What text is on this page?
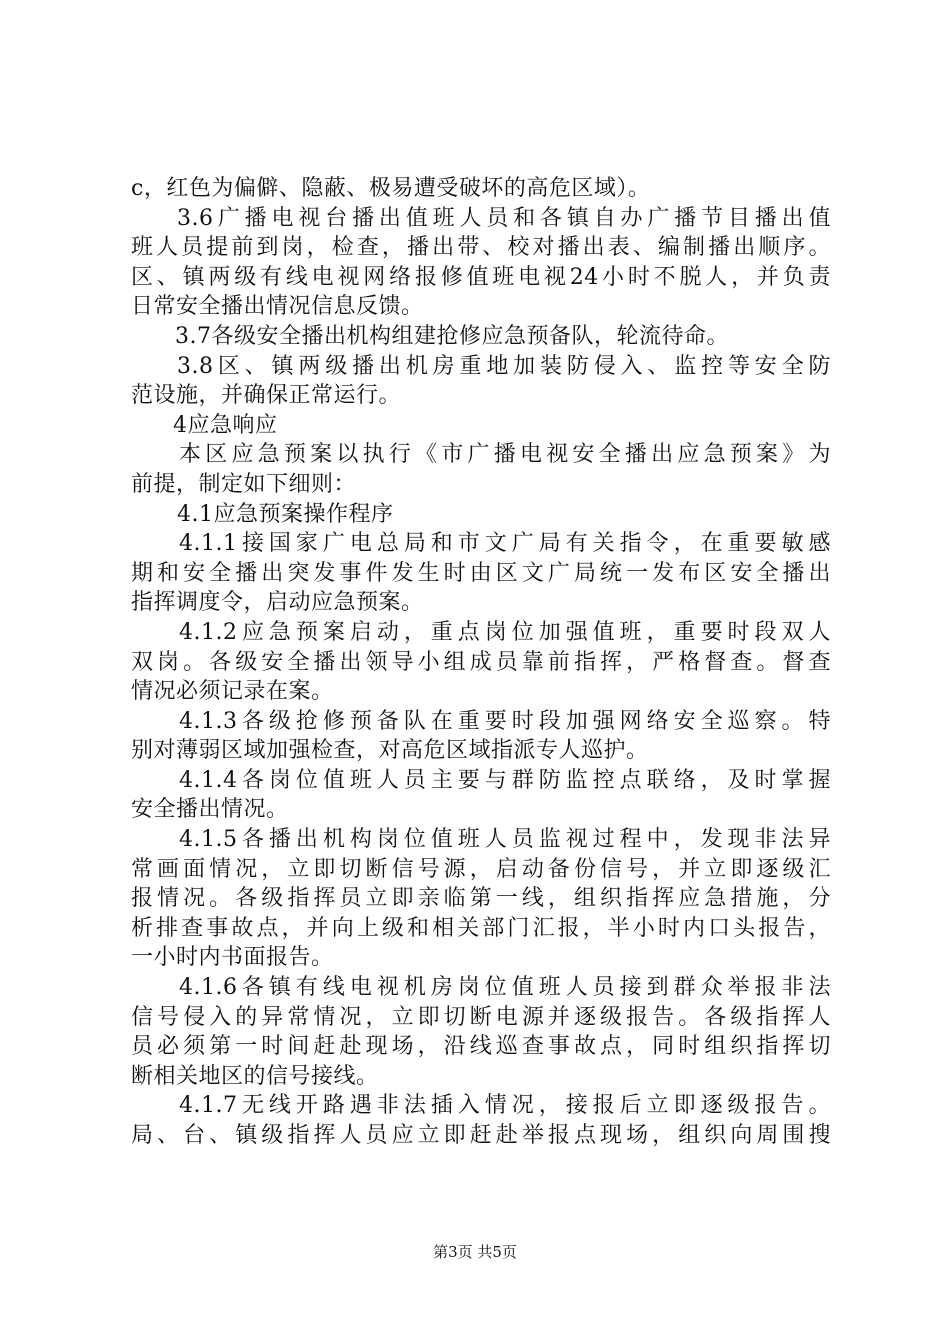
c，红色为偏僻、隐蔽、极易遭受破坏的高危区域）。
3.6广播电视台播出值班人员和各镇自办广播节目播出值
班人员提前到岗，检查，播出带、校对播出表、编制播出顺序。
区、镇两级有线电视网络报修值班电视24小时不脱人，并负责
日常安全播出情况信息反馈。
3.7各级安全播出机构组建抢修应急预备队，轮流待命。
3.8区、镇两级播出机房重地加装防侵入、监控等安全防
范设施，并确保正常运行。
4应急响应
本区应急预案以执行《市广播电视安全播出应急预案》为
前提，制定如下细则：
4.1应急预案操作程序
4.1.1接国家广电总局和市文广局有关指令，在重要敏感
期和安全播出突发事件发生时由区文广局统一发布区安全播出
指挥调度令，启动应急预案。
4.1.2应急预案启动，重点岗位加强值班，重要时段双人
双岗。各级安全播出领导小组成员靠前指挥，严格督查。督查
情况必须记录在案。
4.1.3各级抢修预备队在重要时段加强网络安全巡察。特
别对薄弱区域加强检查，对高危区域指派专人巡护。
4.1.4各岗位值班人员主要与群防监控点联络，及时掌握
安全播出情况。
4.1.5各播出机构岗位值班人员监视过程中，发现非法异
常画面情况，立即切断信号源，启动备份信号，并立即逐级汇
报情况。各级指挥员立即亲临第一线，组织指挥应急措施，分
析排查事故点，并向上级和相关部门汇报，半小时内口头报告，
一小时内书面报告。
4.1.6各镇有线电视机房岗位值班人员接到群众举报非法
信号侵入的异常情况，立即切断电源并逐级报告。各级指挥人
员必须第一时间赶赴现场，沿线巡查事故点，同时组织指挥切
断相关地区的信号接线。
4.1.7无线开路遇非法插入情况，接报后立即逐级报告。
局、台、镇级指挥人员应立即赶赴举报点现场，组织向周围搜
第3页 共5页
